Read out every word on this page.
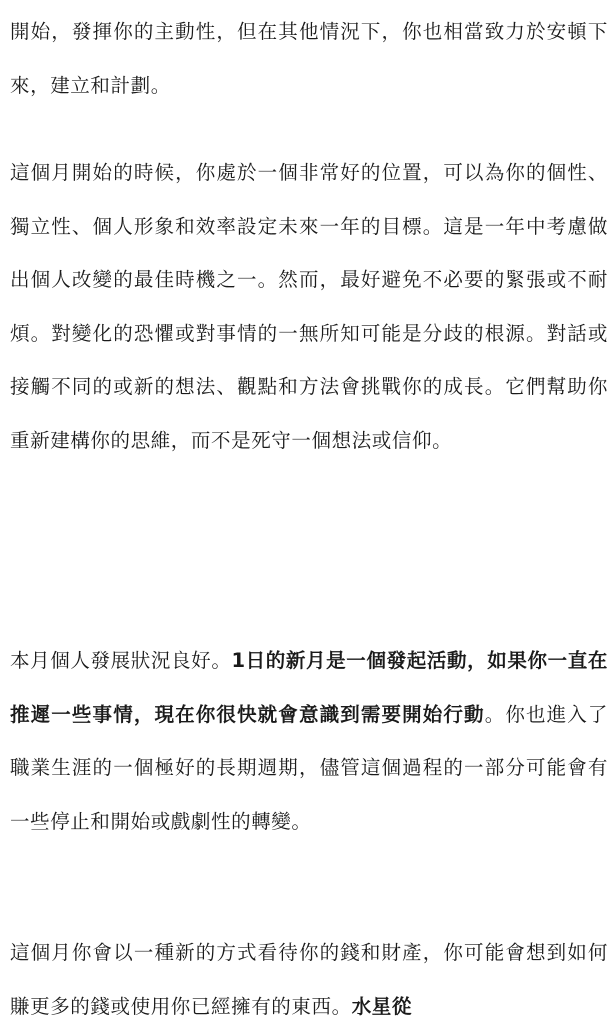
開始，發揮你的主動性，但在其他情況下，你也相當致力於安頓下來，建立和計劃。

這個月開始的時候，你處於一個非常好的位置，可以為你的個性、獨立性、個人形象和效率設定未來一年的目標。這是一年中考慮做出個人改變的最佳時機之一。然而，最好避免不必要的緊張或不耐煩。對變化的恐懼或對事情的一無所知可能是分歧的根源。對話或接觸不同的或新的想法、觀點和方法會挑戰你的成長。它們幫助你重新建構你的思維，而不是死守一個想法或信仰。

本月個人發展狀況良好。1日的新月是一個發起活動，如果你一直在推遲一些事情，現在你很快就會意識到需要開始行動。你也進入了職業生涯的一個極好的長期週期，儘管這個過程的一部分可能會有一些停止和開始或戲劇性的轉變。

這個月你會以一種新的方式看待你的錢和財產，你可能會想到如何賺更多的錢或使用你已經擁有的東西。水星從
